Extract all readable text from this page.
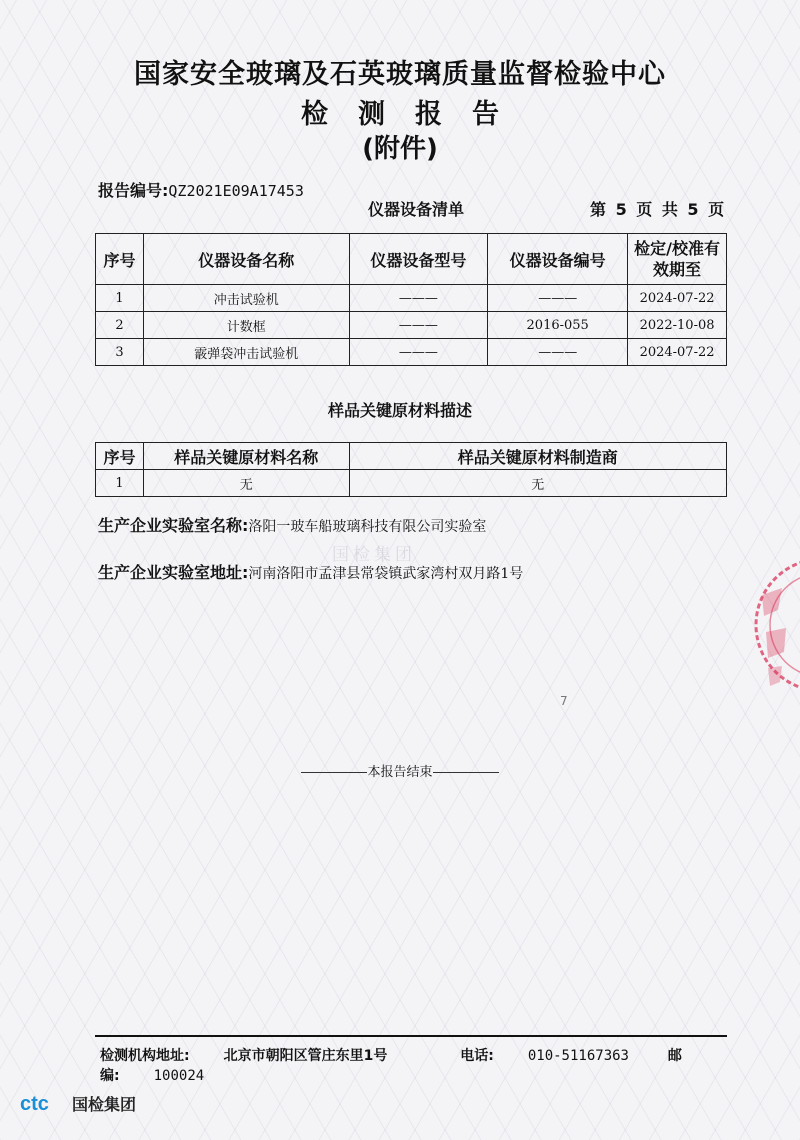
国家安全玻璃及石英玻璃质量监督检验中心
检测报告
(附件)
报告编号:QZ2021E09A17453
仪器设备清单	第 5 页 共 5 页
序号	仪器设备名称	仪器设备型号	仪器设备编号	检定/校准有效期至
1	冲击试验机	———	———	2024-07-22
2	计数框	———	2016-055	2022-10-08
3	霰弹袋冲击试验机	———	———	2024-07-22
样品关键原材料描述
序号	样品关键原材料名称	样品关键原材料制造商
1	无	无
生产企业实验室名称:洛阳一玻车船玻璃科技有限公司实验室
生产企业实验室地址:河南洛阳市孟津县常袋镇武家湾村双月路1号
国检集团
7
本报告结束
检测机构地址: 北京市朝阳区管庄东里1号	电话: 010-51167363	邮编: 100024
ctc 国检集团
